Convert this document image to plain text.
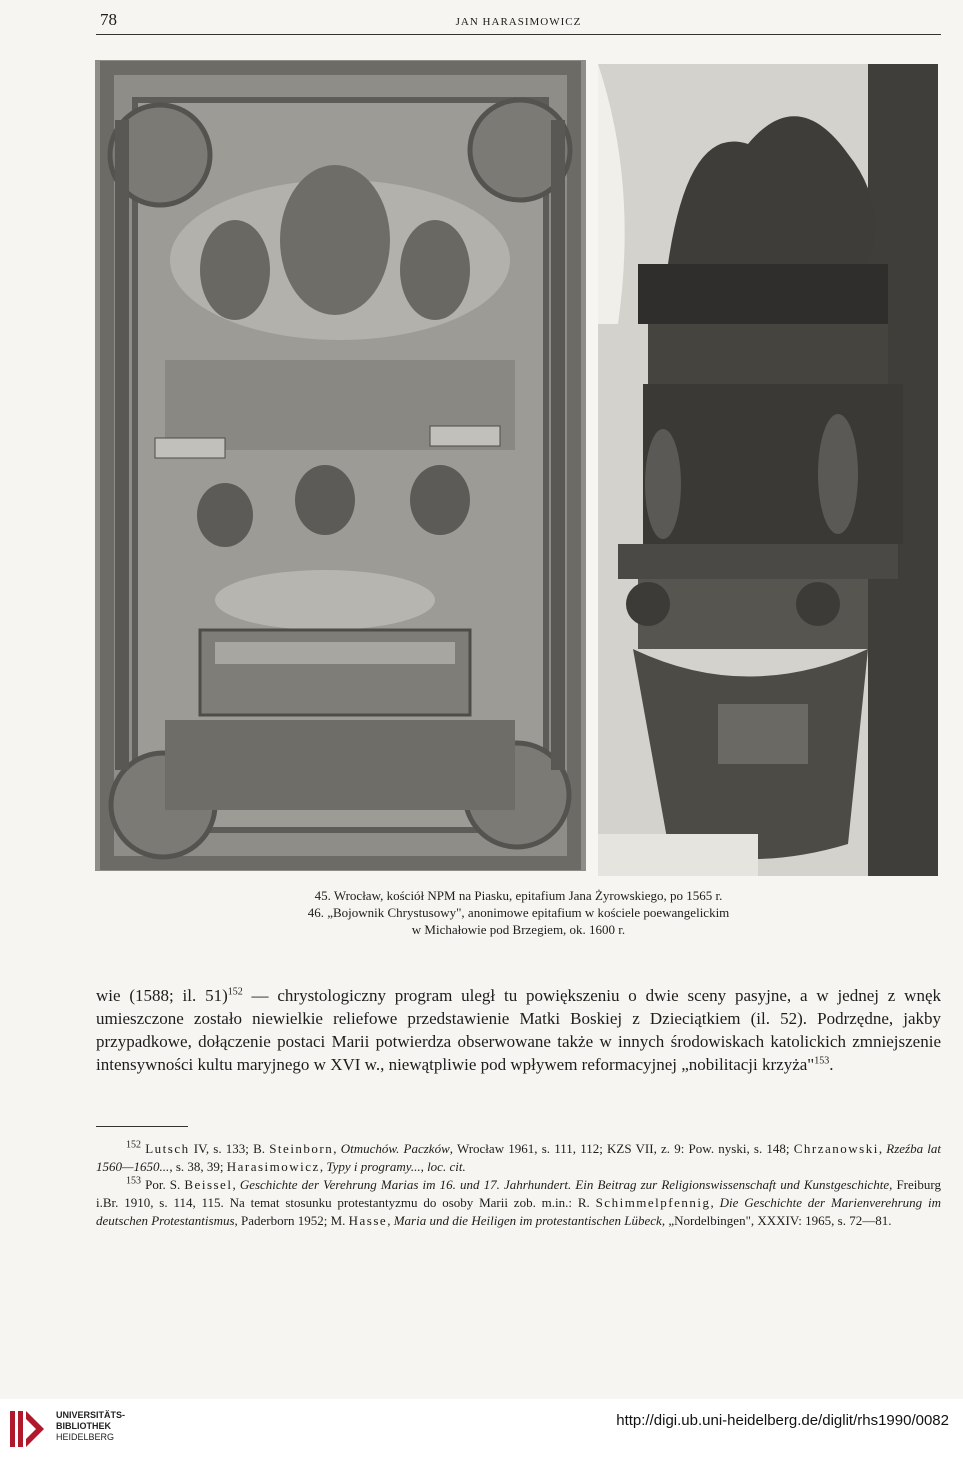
78	JAN HARASIMOWICZ
45. Wrocław, kościół NPM na Piasku, epitafium Jana Żyrowskiego, po 1565 r.
46. „Bojownik Chrystusowy", anonimowe epitafium w kościele poewangelickim
w Michałowie pod Brzegiem, ok. 1600 r.

wie (1588; il. 51)$^{152}$ — chrystologiczny program uległ tu powiększeniu o dwie sceny pasyjne, a w jednej z wnęk umieszczone zostało niewielkie reliefowe przedstawienie Matki Boskiej z Dzieciątkiem (il. 52). Podrzędne, jakby przypadkowe, dołączenie postaci Marii potwierdza obserwowane także w innych środowiskach katolickich zmniejszenie intensywności kultu maryjnego w XVI w., niewątpliwie pod wpływem reformacyjnej „nobilitacji krzyża"$^{153}$.

$^{152}$ Lutsch IV, s. 133; B. Steinborn, Otmuchów. Paczków, Wrocław 1961, s. 111, 112; KZS VII, z. 9: Pow. nyski, s. 148; Chrzanowski, Rzeźba lat 1560—1650..., s. 38, 39; Harasimowicz, Typy i programy..., loc. cit.

$^{153}$ Por. S. Beissel, Geschichte der Verehrung Marias im 16. und 17. Jahrhundert. Ein Beitrag zur Religionswissenschaft und Kunstgeschichte, Freiburg i.Br. 1910, s. 114, 115. Na temat stosunku protestantyzmu do osoby Marii zob. m.in.: R. Schimmelpfennig, Die Geschichte der Marienverehrung im deutschen Protestantismus, Paderborn 1952; M. Hasse, Maria und die Heiligen im protestantischen Lübeck, „Nordelbingen", XXXIV: 1965, s. 72—81.

UNIVERSITÄTS-
BIBLIOTHEK
HEIDELBERG
http://digi.ub.uni-heidelberg.de/diglit/rhs1990/0082
